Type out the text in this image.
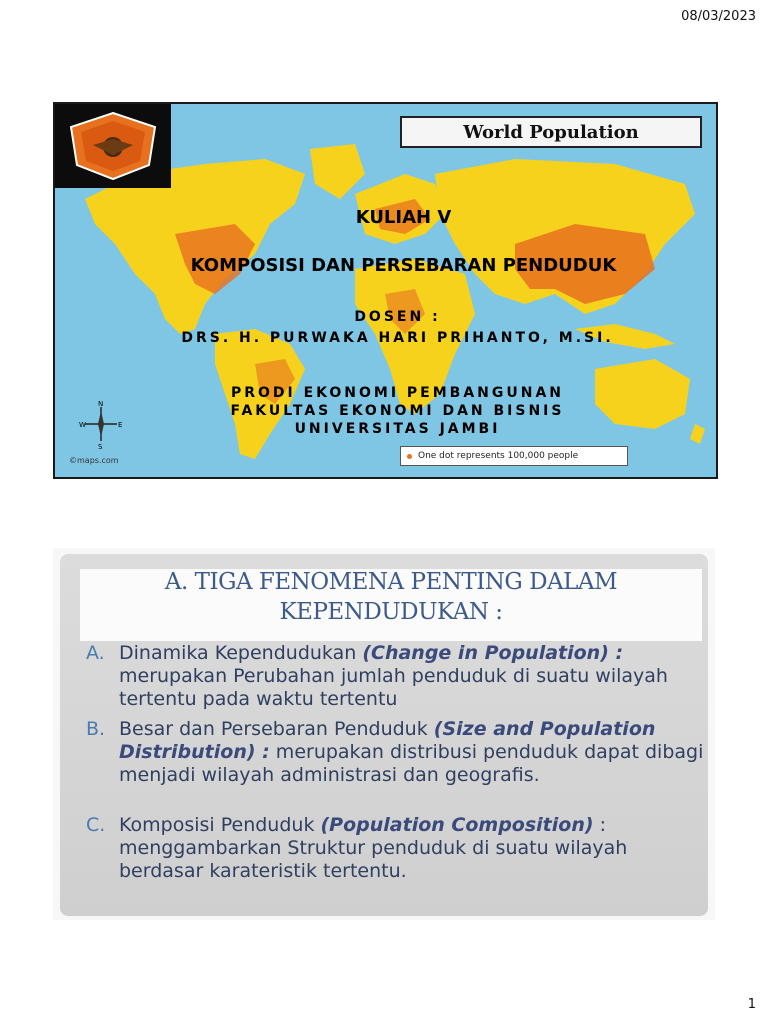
08/03/2023
World Population
KULIAH V
KOMPOSISI DAN PERSEBARAN PENDUDUK
DOSEN :
DRS. H. PURWAKA HARI PRIHANTO, M.SI.
PRODI EKONOMI PEMBANGUNAN
FAKULTAS EKONOMI DAN BISNIS
UNIVERSITAS JAMBI
N
S
W	E
©maps.com	One dot represents 100,000 people
A. TIGA FENOMENA PENTING DALAM
KEPENDUDUKAN :
A. Dinamika Kependudukan (Change in Population) : merupakan Perubahan jumlah penduduk di suatu wilayah tertentu pada waktu tertentu
B. Besar dan Persebaran Penduduk (Size and Population Distribution) : merupakan distribusi penduduk dapat dibagi menjadi wilayah administrasi dan geografis.
C. Komposisi Penduduk (Population Composition) : menggambarkan Struktur penduduk di suatu wilayah berdasar karateristik tertentu.
1
